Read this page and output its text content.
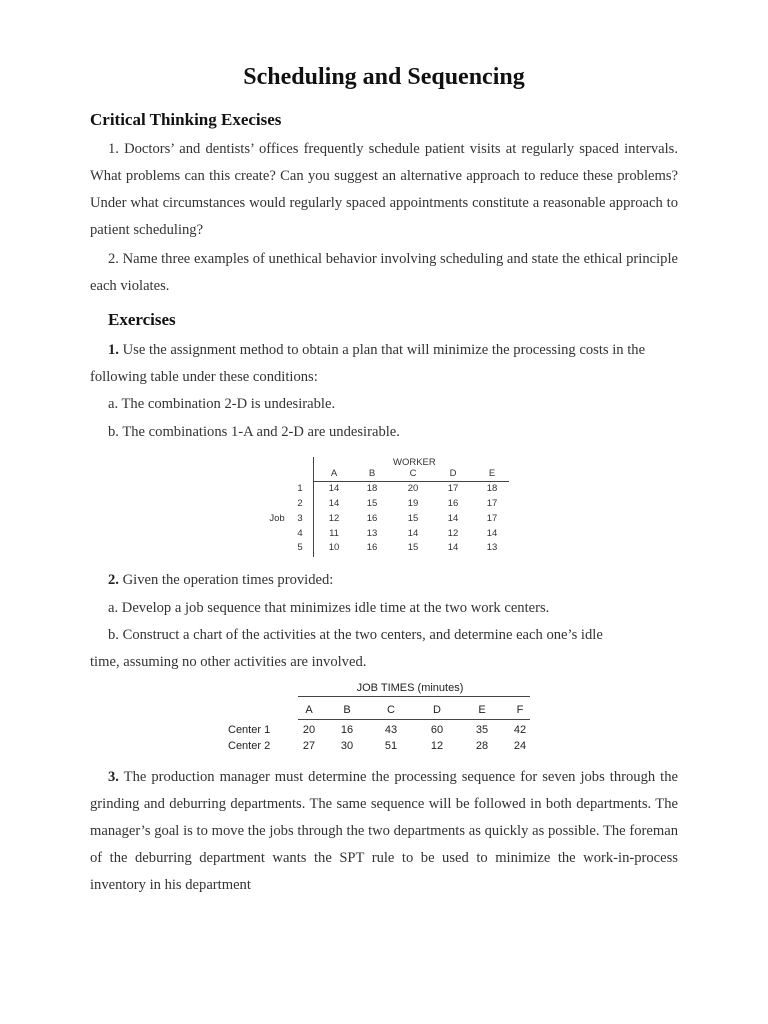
Scheduling and Sequencing
Critical Thinking Execises
1. Doctors’ and dentists’ offices frequently schedule patient visits at regularly spaced intervals. What problems can this create? Can you suggest an alternative approach to reduce these problems? Under what circumstances would regularly spaced appointments constitute a reasonable approach to patient scheduling?
2. Name three examples of unethical behavior involving scheduling and state the ethical principle each violates.
Exercises
1. Use the assignment method to obtain a plan that will minimize the processing costs in the
following table under these conditions:
a. The combination 2-D is undesirable.
b. The combinations 1-A and 2-D are undesirable.
WORKER
Job
A	B	C	D	E
1	14	18	20	17	18
2	14	15	19	16	17
3	12	16	15	14	17
4	11	13	14	12	14
5	10	16	15	14	13
2. Given the operation times provided:
a. Develop a job sequence that minimizes idle time at the two work centers.
b. Construct a chart of the activities at the two centers, and determine each one’s idle
time, assuming no other activities are involved.
JOB TIMES (minutes)
A	B	C	D	E	F
Center 1	20	16	43	60	35	42
Center 2	27	30	51	12	28	24
3. The production manager must determine the processing sequence for seven jobs through the grinding and deburring departments. The same sequence will be followed in both departments. The manager’s goal is to move the jobs through the two departments as quickly as possible. The foreman of the deburring department wants the SPT rule to be used to minimize the work-in-process inventory in his department
